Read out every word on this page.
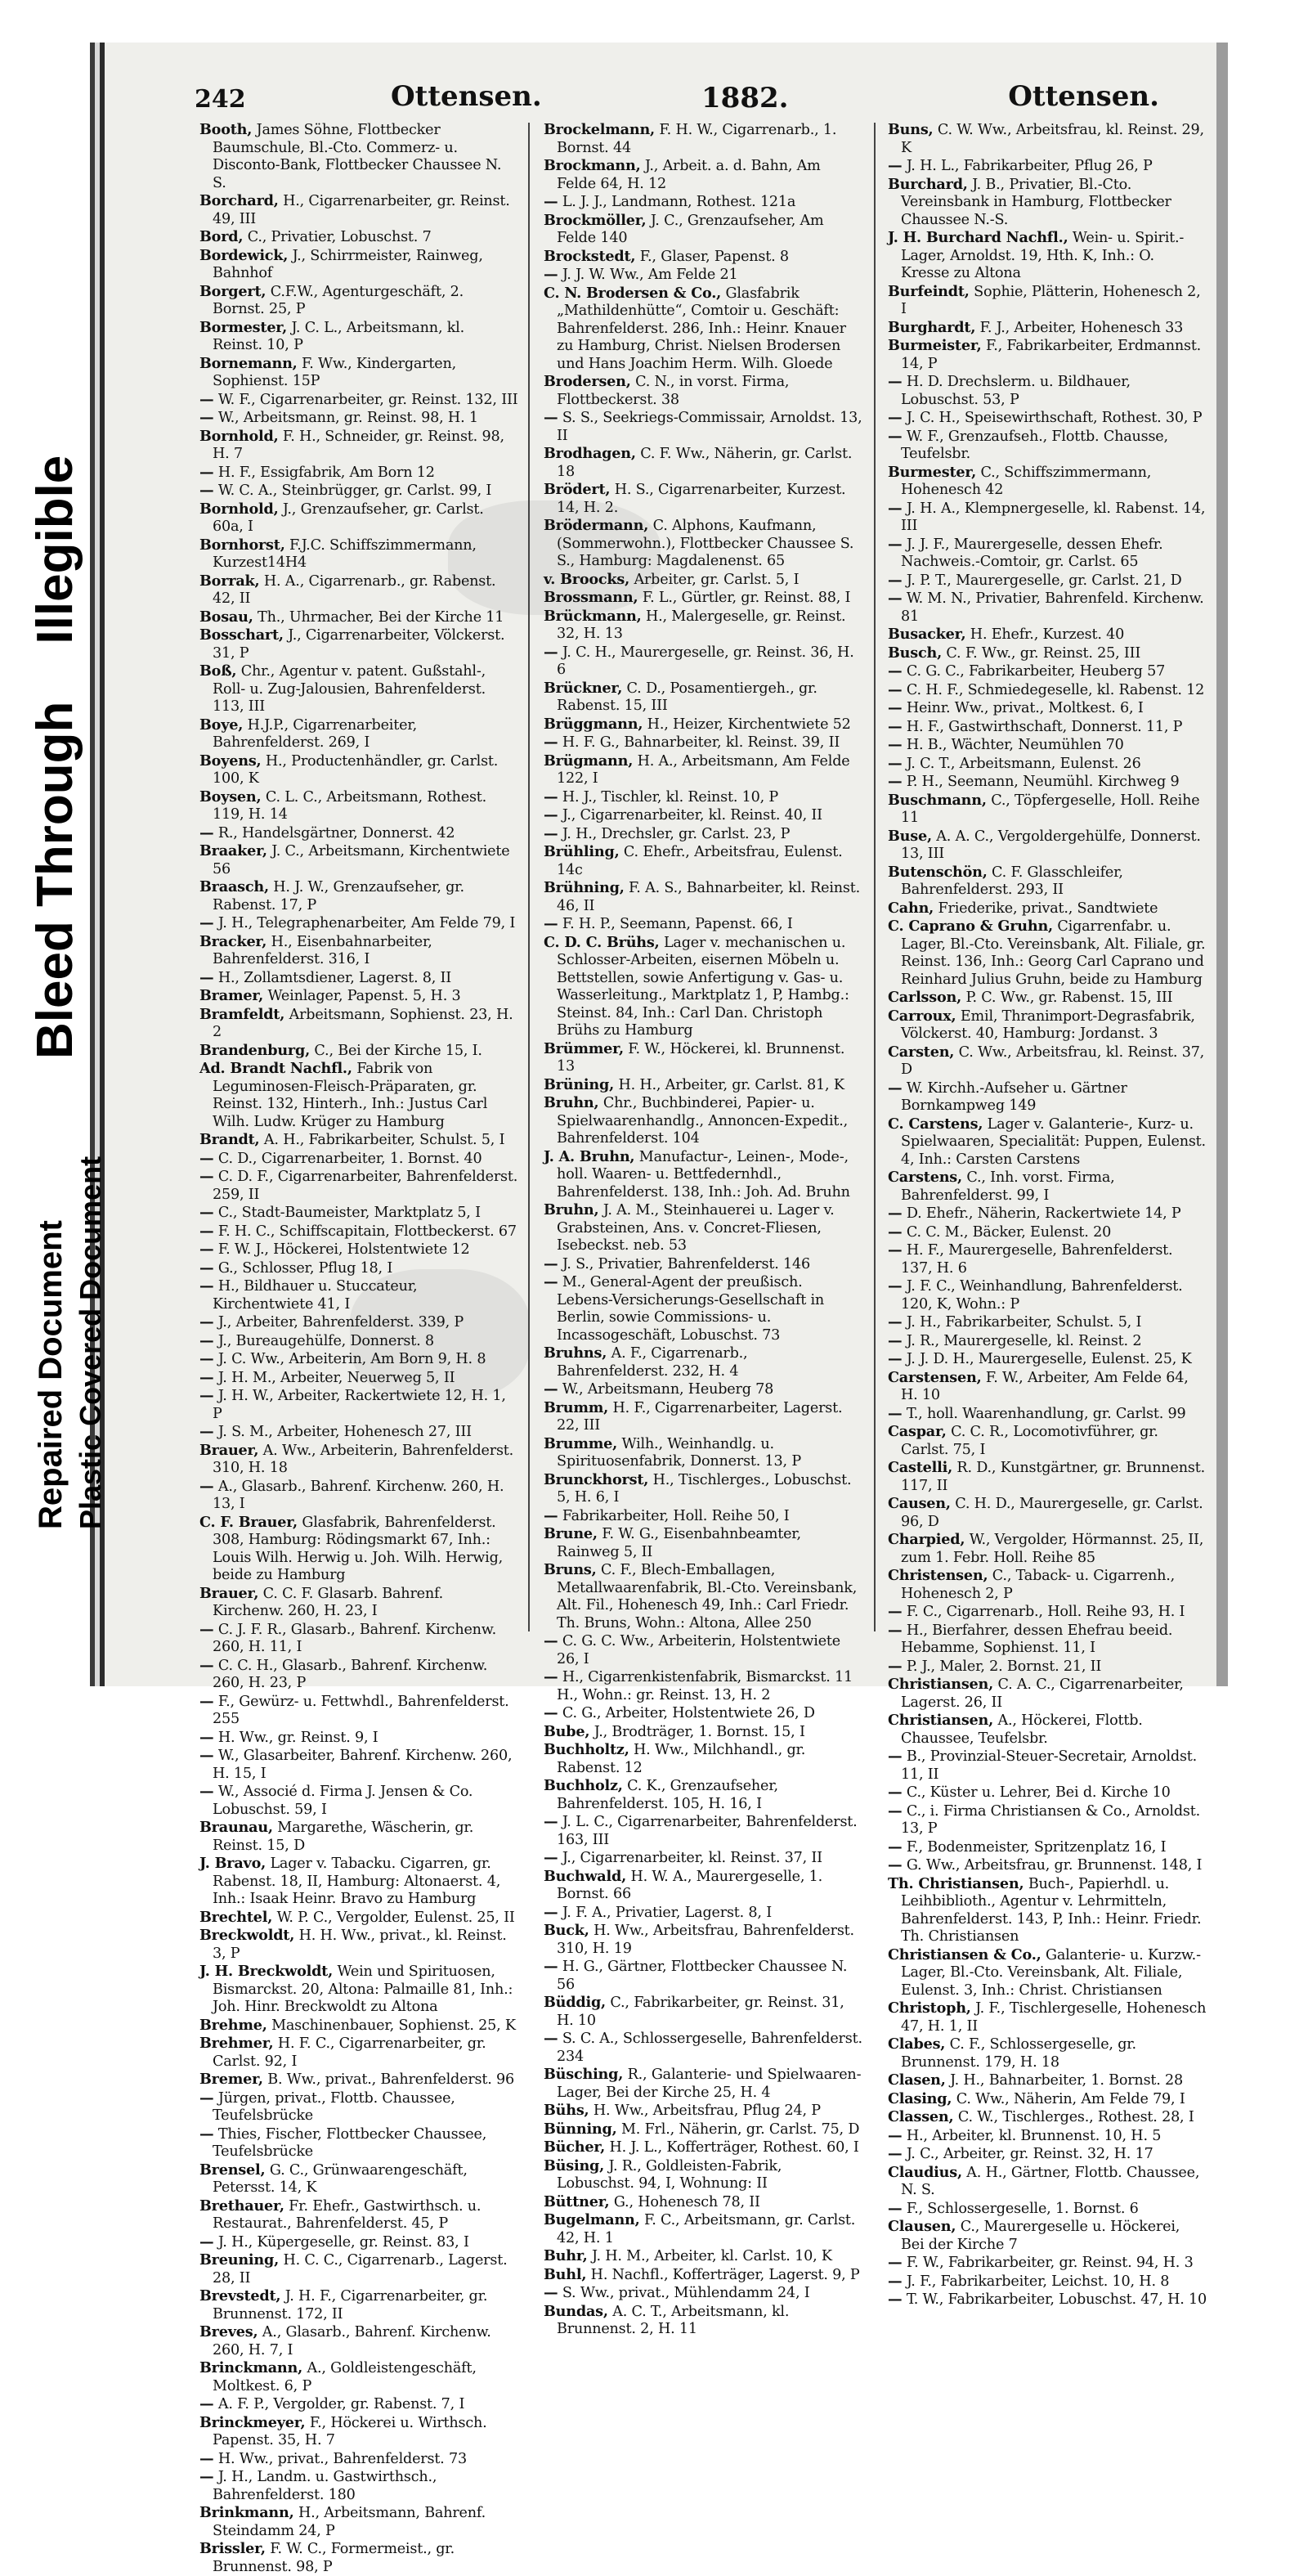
242	Ottensen.	1882.	Ottensen.

Booth, James Söhne, Flottbecker Baumschule, Bl.-Cto. Commerz- u. Disconto-Bank, Flottbecker Chaussee N. S.

Borchard, H., Cigarrenarbeiter, gr. Reinst. 49, III

Bord, C., Privatier, Lobuschst. 7

Bordewick, J., Schirrmeister, Rainweg, Bahnhof

Borgert, C.F.W., Agenturgeschäft, 2. Bornst. 25, P

Bormester, J. C. L., Arbeitsmann, kl. Reinst. 10, P

Bornemann, F. Ww., Kindergarten, Sophienst. 15P

— W. F., Cigarrenarbeiter, gr. Reinst. 132, III

— W., Arbeitsmann, gr. Reinst. 98, H. 1

Bornhold, F. H., Schneider, gr. Reinst. 98, H. 7

— H. F., Essigfabrik, Am Born 12

— W. C. A., Steinbrügger, gr. Carlst. 99, I

Bornhold, J., Grenzaufseher, gr. Carlst. 60a, I

Bornhorst, F.J.C. Schiffszimmermann, Kurzest14H4

Borrak, H. A., Cigarrenarb., gr. Rabenst. 42, II

Bosau, Th., Uhrmacher, Bei der Kirche 11

Bosschart, J., Cigarrenarbeiter, Völckerst. 31, P

Boß, Chr., Agentur v. patent. Gußstahl-, Roll- u. Zug-Jalousien, Bahrenfelderst. 113, III

Boye, H.J.P., Cigarrenarbeiter, Bahrenfelderst. 269, I

Boyens, H., Productenhändler, gr. Carlst. 100, K

Boysen, C. L. C., Arbeitsmann, Rothest. 119, H. 14

— R., Handelsgärtner, Donnerst. 42

Braaker, J. C., Arbeitsmann, Kirchentwiete 56

Braasch, H. J. W., Grenzaufseher, gr. Rabenst. 17, P

— J. H., Telegraphenarbeiter, Am Felde 79, I

Bracker, H., Eisenbahnarbeiter, Bahrenfelderst. 316, I

— H., Zollamtsdiener, Lagerst. 8, II

Bramer, Weinlager, Papenst. 5, H. 3

Bramfeldt, Arbeitsmann, Sophienst. 23, H. 2

Brandenburg, C., Bei der Kirche 15, I.

Ad. Brandt Nachfl., Fabrik von Leguminosen-Fleisch-Präparaten, gr. Reinst. 132, Hinterh., Inh.: Justus Carl Wilh. Ludw. Krüger zu Hamburg

Brandt, A. H., Fabrikarbeiter, Schulst. 5, I

— C. D., Cigarrenarbeiter, 1. Bornst. 40

— C. D. F., Cigarrenarbeiter, Bahrenfelderst. 259, II

— C., Stadt-Baumeister, Marktplatz 5, I

— F. H. C., Schiffscapitain, Flottbeckerst. 67

— F. W. J., Höckerei, Holstentwiete 12

— G., Schlosser, Pflug 18, I

— H., Bildhauer u. Stuccateur, Kirchentwiete 41, I

— J., Arbeiter, Bahrenfelderst. 339, P

— J., Bureaugehülfe, Donnerst. 8

— J. C. Ww., Arbeiterin, Am Born 9, H. 8

— J. H. M., Arbeiter, Neuerweg 5, II

— J. H. W., Arbeiter, Rackertwiete 12, H. 1, P

— J. S. M., Arbeiter, Hohenesch 27, III

Brauer, A. Ww., Arbeiterin, Bahrenfelderst. 310, H. 18

— A., Glasarb., Bahrenf. Kirchenw. 260, H. 13, I

C. F. Brauer, Glasfabrik, Bahrenfelderst. 308, Hamburg: Rödingsmarkt 67, Inh.: Louis Wilh. Herwig u. Joh. Wilh. Herwig, beide zu Hamburg

Brauer, C. C. F. Glasarb. Bahrenf. Kirchenw. 260, H. 23, I

— C. J. F. R., Glasarb., Bahrenf. Kirchenw. 260, H. 11, I

— C. C. H., Glasarb., Bahrenf. Kirchenw. 260, H. 23, P

— F., Gewürz- u. Fettwhdl., Bahrenfelderst. 255

— H. Ww., gr. Reinst. 9, I

— W., Glasarbeiter, Bahrenf. Kirchenw. 260, H. 15, I

— W., Associé d. Firma J. Jensen & Co. Lobuschst. 59, I

Braunau, Margarethe, Wäscherin, gr. Reinst. 15, D

J. Bravo, Lager v. Tabacku. Cigarren, gr. Rabenst. 18, II, Hamburg: Altonaerst. 4, Inh.: Isaak Heinr. Bravo zu Hamburg

Brechtel, W. P. C., Vergolder, Eulenst. 25, II

Breckwoldt, H. H. Ww., privat., kl. Reinst. 3, P

J. H. Breckwoldt, Wein und Spirituosen, Bismarckst. 20, Altona: Palmaille 81, Inh.: Joh. Hinr. Breckwoldt zu Altona

Brehme, Maschinenbauer, Sophienst. 25, K

Brehmer, H. F. C., Cigarrenarbeiter, gr. Carlst. 92, I

Bremer, B. Ww., privat., Bahrenfelderst. 96

— Jürgen, privat., Flottb. Chaussee, Teufelsbrücke

— Thies, Fischer, Flottbecker Chaussee, Teufelsbrücke

Brensel, G. C., Grünwaarengeschäft, Petersst. 14, K

Brethauer, Fr. Ehefr., Gastwirthsch. u. Restaurat., Bahrenfelderst. 45, P

— J. H., Küpergeselle, gr. Reinst. 83, I

Breuning, H. C. C., Cigarrenarb., Lagerst. 28, II

Brevstedt, J. H. F., Cigarrenarbeiter, gr. Brunnenst. 172, II

Breves, A., Glasarb., Bahrenf. Kirchenw. 260, H. 7, I

Brinckmann, A., Goldleistengeschäft, Moltkest. 6, P

— A. F. P., Vergolder, gr. Rabenst. 7, I

Brinckmeyer, F., Höckerei u. Wirthsch. Papenst. 35, H. 7

— H. Ww., privat., Bahrenfelderst. 73

— J. H., Landm. u. Gastwirthsch., Bahrenfelderst. 180

Brinkmann, H., Arbeitsmann, Bahrenf. Steindamm 24, P

Brissler, F. W. C., Formermeist., gr. Brunnenst. 98, P

Brockelmann, F. H. W., Cigarrenarb., 1. Bornst. 44

Brockmann, J., Arbeit. a. d. Bahn, Am Felde 64, H. 12

— L. J. J., Landmann, Rothest. 121a

Brockmöller, J. C., Grenzaufseher, Am Felde 140

Brockstedt, F., Glaser, Papenst. 8

— J. J. W. Ww., Am Felde 21

C. N. Brodersen & Co., Glasfabrik „Mathildenhütte“, Comtoir u. Geschäft: Bahrenfelderst. 286, Inh.: Heinr. Knauer zu Hamburg, Christ. Nielsen Brodersen und Hans Joachim Herm. Wilh. Gloede

Brodersen, C. N., in vorst. Firma, Flottbeckerst. 38

— S. S., Seekriegs-Commissair, Arnoldst. 13, II

Brodhagen, C. F. Ww., Näherin, gr. Carlst. 18

Brödert, H. S., Cigarrenarbeiter, Kurzest. 14, H. 2.

Brödermann, C. Alphons, Kaufmann, (Sommerwohn.), Flottbecker Chaussee S. S., Hamburg: Magdalenenst. 65

v. Broocks, Arbeiter, gr. Carlst. 5, I

Brossmann, F. L., Gürtler, gr. Reinst. 88, I

Brückmann, H., Malergeselle, gr. Reinst. 32, H. 13

— J. C. H., Maurergeselle, gr. Reinst. 36, H. 6

Brückner, C. D., Posamentiergeh., gr. Rabenst. 15, III

Brüggmann, H., Heizer, Kirchentwiete 52

— H. F. G., Bahnarbeiter, kl. Reinst. 39, II

Brügmann, H. A., Arbeitsmann, Am Felde 122, I

— H. J., Tischler, kl. Reinst. 10, P

— J., Cigarrenarbeiter, kl. Reinst. 40, II

— J. H., Drechsler, gr. Carlst. 23, P

Brühling, C. Ehefr., Arbeitsfrau, Eulenst. 14c

Brühning, F. A. S., Bahnarbeiter, kl. Reinst. 46, II

— F. H. P., Seemann, Papenst. 66, I

C. D. C. Brühs, Lager v. mechanischen u. Schlosser-Arbeiten, eisernen Möbeln u. Bettstellen, sowie Anfertigung v. Gas- u. Wasserleitung., Marktplatz 1, P, Hambg.: Steinst. 84, Inh.: Carl Dan. Christoph Brühs zu Hamburg

Brümmer, F. W., Höckerei, kl. Brunnenst. 13

Brüning, H. H., Arbeiter, gr. Carlst. 81, K

Bruhn, Chr., Buchbinderei, Papier- u. Spielwaarenhandlg., Annoncen-Expedit., Bahrenfelderst. 104

J. A. Bruhn, Manufactur-, Leinen-, Mode-, holl. Waaren- u. Bettfedernhdl., Bahrenfelderst. 138, Inh.: Joh. Ad. Bruhn

Bruhn, J. A. M., Steinhauerei u. Lager v. Grabsteinen, Ans. v. Concret-Fliesen, Isebeckst. neb. 53

— J. S., Privatier, Bahrenfelderst. 146

— M., General-Agent der preußisch. Lebens-Versicherungs-Gesellschaft in Berlin, sowie Commissions- u. Incassogeschäft, Lobuschst. 73

Bruhns, A. F., Cigarrenarb., Bahrenfelderst. 232, H. 4

— W., Arbeitsmann, Heuberg 78

Brumm, H. F., Cigarrenarbeiter, Lagerst. 22, III

Brumme, Wilh., Weinhandlg. u. Spirituosenfabrik, Donnerst. 13, P

Brunckhorst, H., Tischlerges., Lobuschst. 5, H. 6, I

— Fabrikarbeiter, Holl. Reihe 50, I

Brune, F. W. G., Eisenbahnbeamter, Rainweg 5, II

Bruns, C. F., Blech-Emballagen, Metallwaarenfabrik, Bl.-Cto. Vereinsbank, Alt. Fil., Hohenesch 49, Inh.: Carl Friedr. Th. Bruns, Wohn.: Altona, Allee 250

— C. G. C. Ww., Arbeiterin, Holstentwiete 26, I

— H., Cigarrenkistenfabrik, Bismarckst. 11 H., Wohn.: gr. Reinst. 13, H. 2

— C. G., Arbeiter, Holstentwiete 26, D

Bube, J., Brodträger, 1. Bornst. 15, I

Buchholtz, H. Ww., Milchhandl., gr. Rabenst. 12

Buchholz, C. K., Grenzaufseher, Bahrenfelderst. 105, H. 16, I

— J. L. C., Cigarrenarbeiter, Bahrenfelderst. 163, III

— J., Cigarrenarbeiter, kl. Reinst. 37, II

Buchwald, H. W. A., Maurergeselle, 1. Bornst. 66

— J. F. A., Privatier, Lagerst. 8, I

Buck, H. Ww., Arbeitsfrau, Bahrenfelderst. 310, H. 19

— H. G., Gärtner, Flottbecker Chaussee N. 56

Büddig, C., Fabrikarbeiter, gr. Reinst. 31, H. 10

— S. C. A., Schlossergeselle, Bahrenfelderst. 234

Büsching, R., Galanterie- und Spielwaaren-Lager, Bei der Kirche 25, H. 4

Bühs, H. Ww., Arbeitsfrau, Pflug 24, P

Bünning, M. Frl., Näherin, gr. Carlst. 75, D

Bücher, H. J. L., Kofferträger, Rothest. 60, I

Büsing, J. R., Goldleisten-Fabrik, Lobuschst. 94, I, Wohnung: II

Büttner, G., Hohenesch 78, II

Bugelmann, F. C., Arbeitsmann, gr. Carlst. 42, H. 1

Buhr, J. H. M., Arbeiter, kl. Carlst. 10, K

Buhl, H. Nachfl., Kofferträger, Lagerst. 9, P

— S. Ww., privat., Mühlendamm 24, I

Bundas, A. C. T., Arbeitsmann, kl. Brunnenst. 2, H. 11

Buns, C. W. Ww., Arbeitsfrau, kl. Reinst. 29, K

— J. H. L., Fabrikarbeiter, Pflug 26, P

Burchard, J. B., Privatier, Bl.-Cto. Vereinsbank in Hamburg, Flottbecker Chaussee N.-S.

J. H. Burchard Nachfl., Wein- u. Spirit.-Lager, Arnoldst. 19, Hth. K, Inh.: O. Kresse zu Altona

Burfeindt, Sophie, Plätterin, Hohenesch 2, I

Burghardt, F. J., Arbeiter, Hohenesch 33

Burmeister, F., Fabrikarbeiter, Erdmannst. 14, P

— H. D. Drechslerm. u. Bildhauer, Lobuschst. 53, P

— J. C. H., Speisewirthschaft, Rothest. 30, P

— W. F., Grenzaufseh., Flottb. Chausse, Teufelsbr.

Burmester, C., Schiffszimmermann, Hohenesch 42

— J. H. A., Klempnergeselle, kl. Rabenst. 14, III

— J. J. F., Maurergeselle, dessen Ehefr. Nachweis.-Comtoir, gr. Carlst. 65

— J. P. T., Maurergeselle, gr. Carlst. 21, D

— W. M. N., Privatier, Bahrenfeld. Kirchenw. 81

Busacker, H. Ehefr., Kurzest. 40

Busch, C. F. Ww., gr. Reinst. 25, III

— C. G. C., Fabrikarbeiter, Heuberg 57

— C. H. F., Schmiedegeselle, kl. Rabenst. 12

— Heinr. Ww., privat., Moltkest. 6, I

— H. F., Gastwirthschaft, Donnerst. 11, P

— H. B., Wächter, Neumühlen 70

— J. C. T., Arbeitsmann, Eulenst. 26

— P. H., Seemann, Neumühl. Kirchweg 9

Buschmann, C., Töpfergeselle, Holl. Reihe 11

Buse, A. A. C., Vergoldergehülfe, Donnerst. 13, III

Butenschön, C. F. Glasschleifer, Bahrenfelderst. 293, II

Cahn, Friederike, privat., Sandtwiete

C. Caprano & Gruhn, Cigarrenfabr. u. Lager, Bl.-Cto. Vereinsbank, Alt. Filiale, gr. Reinst. 136, Inh.: Georg Carl Caprano und Reinhard Julius Gruhn, beide zu Hamburg

Carlsson, P. C. Ww., gr. Rabenst. 15, III

Carroux, Emil, Thranimport-Degrasfabrik, Völckerst. 40, Hamburg: Jordanst. 3

Carsten, C. Ww., Arbeitsfrau, kl. Reinst. 37, D

— W. Kirchh.-Aufseher u. Gärtner Bornkampweg 149

C. Carstens, Lager v. Galanterie-, Kurz- u. Spielwaaren, Specialität: Puppen, Eulenst. 4, Inh.: Carsten Carstens

Carstens, C., Inh. vorst. Firma, Bahrenfelderst. 99, I

— D. Ehefr., Näherin, Rackertwiete 14, P

— C. C. M., Bäcker, Eulenst. 20

— H. F., Maurergeselle, Bahrenfelderst. 137, H. 6

— J. F. C., Weinhandlung, Bahrenfelderst. 120, K, Wohn.: P

— J. H., Fabrikarbeiter, Schulst. 5, I

— J. R., Maurergeselle, kl. Reinst. 2

— J. J. D. H., Maurergeselle, Eulenst. 25, K

Carstensen, F. W., Arbeiter, Am Felde 64, H. 10

— T., holl. Waarenhandlung, gr. Carlst. 99

Caspar, C. C. R., Locomotivführer, gr. Carlst. 75, I

Castelli, R. D., Kunstgärtner, gr. Brunnenst. 117, II

Causen, C. H. D., Maurergeselle, gr. Carlst. 96, D

Charpied, W., Vergolder, Hörmannst. 25, II, zum 1. Febr. Holl. Reihe 85

Christensen, C., Taback- u. Cigarrenh., Hohenesch 2, P

— F. C., Cigarrenarb., Holl. Reihe 93, H. I

— H., Bierfahrer, dessen Ehefrau beeid. Hebamme, Sophienst. 11, I

— P. J., Maler, 2. Bornst. 21, II

Christiansen, C. A. C., Cigarrenarbeiter, Lagerst. 26, II

Christiansen, A., Höckerei, Flottb. Chaussee, Teufelsbr.

— B., Provinzial-Steuer-Secretair, Arnoldst. 11, II

— C., Küster u. Lehrer, Bei d. Kirche 10

— C., i. Firma Christiansen & Co., Arnoldst. 13, P

— F., Bodenmeister, Spritzenplatz 16, I

— G. Ww., Arbeitsfrau, gr. Brunnenst. 148, I

Th. Christiansen, Buch-, Papierhdl. u. Leihbiblioth., Agentur v. Lehrmitteln, Bahrenfelderst. 143, P, Inh.: Heinr. Friedr. Th. Christiansen

Christiansen & Co., Galanterie- u. Kurzw.-Lager, Bl.-Cto. Vereinsbank, Alt. Filiale, Eulenst. 3, Inh.: Christ. Christiansen

Christoph, J. F., Tischlergeselle, Hohenesch 47, H. 1, II

Clabes, C. F., Schlossergeselle, gr. Brunnenst. 179, H. 18

Clasen, J. H., Bahnarbeiter, 1. Bornst. 28

Clasing, C. Ww., Näherin, Am Felde 79, I

Classen, C. W., Tischlerges., Rothest. 28, I

— H., Arbeiter, kl. Brunnenst. 10, H. 5

— J. C., Arbeiter, gr. Reinst. 32, H. 17

Claudius, A. H., Gärtner, Flottb. Chaussee, N. S.

— F., Schlossergeselle, 1. Bornst. 6

Clausen, C., Maurergeselle u. Höckerei, Bei der Kirche 7

— F. W., Fabrikarbeiter, gr. Reinst. 94, H. 3

— J. F., Fabrikarbeiter, Leichst. 10, H. 8

— T. W., Fabrikarbeiter, Lobuschst. 47, H. 10

Bleed ThroughIllegible
Repaired Document Plastic Covered Document
